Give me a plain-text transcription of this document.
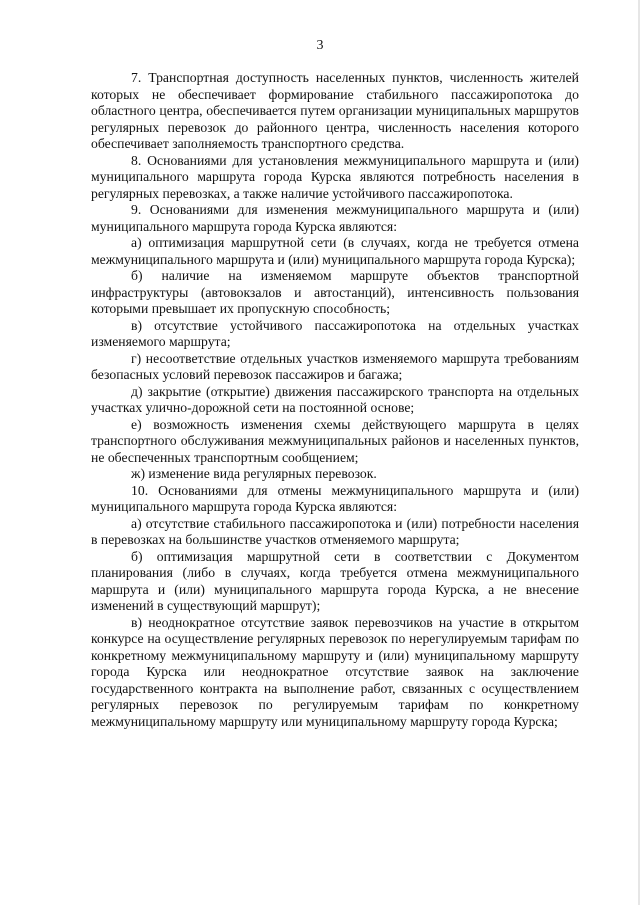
3

7. Транспортная доступность населенных пунктов, численность жителей которых не обеспечивает формирование стабильного пассажиропотока до областного центра, обеспечивается путем организации муниципальных маршрутов регулярных перевозок до районного центра, численность населения которого обеспечивает заполняемость транспортного средства.

8. Основаниями для установления межмуниципального маршрута и (или) муниципального маршрута города Курска являются потребность населения в регулярных перевозках, а также наличие устойчивого пассажиропотока.

9. Основаниями для изменения межмуниципального маршрута и (или) муниципального маршрута города Курска являются:

а) оптимизация маршрутной сети (в случаях, когда не требуется отмена межмуниципального маршрута и (или) муниципального маршрута города Курска);

б) наличие на изменяемом маршруте объектов транспортной инфраструктуры (автовокзалов и автостанций), интенсивность пользования которыми превышает их пропускную способность;

в) отсутствие устойчивого пассажиропотока на отдельных участках изменяемого маршрута;

г) несоответствие отдельных участков изменяемого маршрута требованиям безопасных условий перевозок пассажиров и багажа;

д) закрытие (открытие) движения пассажирского транспорта на отдельных участках улично-дорожной сети на постоянной основе;

е) возможность изменения схемы действующего маршрута в целях транспортного обслуживания межмуниципальных районов и населенных пунктов, не обеспеченных транспортным сообщением;

ж) изменение вида регулярных перевозок.

10. Основаниями для отмены межмуниципального маршрута и (или) муниципального маршрута города Курска являются:

а) отсутствие стабильного пассажиропотока и (или) потребности населения в перевозках на большинстве участков отменяемого маршрута;

б) оптимизация маршрутной сети в соответствии с Документом планирования (либо в случаях, когда требуется отмена межмуниципального маршрута и (или) муниципального маршрута города Курска, а не внесение изменений в существующий маршрут);

в) неоднократное отсутствие заявок перевозчиков на участие в открытом конкурсе на осуществление регулярных перевозок по нерегулируемым тарифам по конкретному межмуниципальному маршруту и (или) муниципальному маршруту города Курска или неоднократное отсутствие заявок на заключение государственного контракта на выполнение работ, связанных с осуществлением регулярных перевозок по регулируемым тарифам по конкретному межмуниципальному маршруту или муниципальному маршруту города Курска;
